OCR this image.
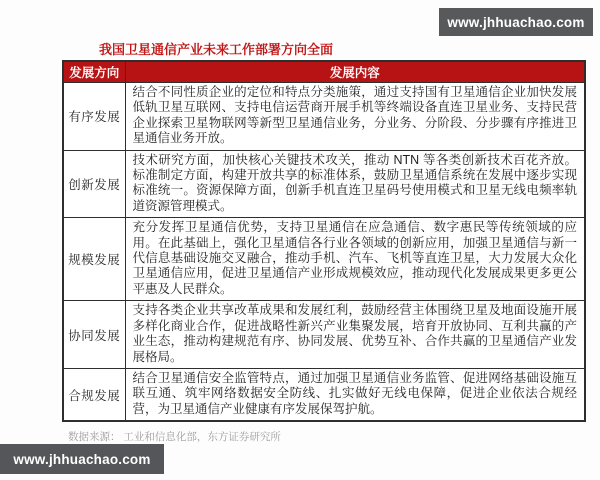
www.jhhuachao.com
我国卫星通信产业未来工作部署方向全面
发展方向	发展内容
有序发展	结合不同性质企业的定位和特点分类施策，通过支持国有卫星通信企业加快发展低轨卫星互联网、支持电信运营商开展手机等终端设备直连卫星业务、支持民营企业探索卫星物联网等新型卫星通信业务，分业务、分阶段、分步骤有序推进卫星通信业务开放。
创新发展	技术研究方面，加快核心关键技术攻关，推动 NTN 等各类创新技术百花齐放。标准制定方面，构建开放共享的标准体系，鼓励卫星通信系统在发展中逐步实现标准统一。资源保障方面，创新手机直连卫星码号使用模式和卫星无线电频率轨道资源管理模式。
规模发展	充分发挥卫星通信优势，支持卫星通信在应急通信、数字惠民等传统领域的应用。在此基础上，强化卫星通信各行业各领域的创新应用，加强卫星通信与新一代信息基础设施交叉融合，推动手机、汽车、飞机等直连卫星，大力发展大众化卫星通信应用，促进卫星通信产业形成规模效应，推动现代化发展成果更多更公平惠及人民群众。
协同发展	支持各类企业共享改革成果和发展红利，鼓励经营主体围绕卫星及地面设施开展多样化商业合作，促进战略性新兴产业集聚发展，培育开放协同、互利共赢的产业生态，推动构建规范有序、协同发展、优势互补、合作共赢的卫星通信产业发展格局。
合规发展	结合卫星通信安全监管特点，通过加强卫星通信业务监管、促进网络基础设施互联互通、筑牢网络数据安全防线、扎实做好无线电保障，促进企业依法合规经营，为卫星通信产业健康有序发展保驾护航。
数据来源： 工业和信息化部，东方证券研究所
www.jhhuachao.com
